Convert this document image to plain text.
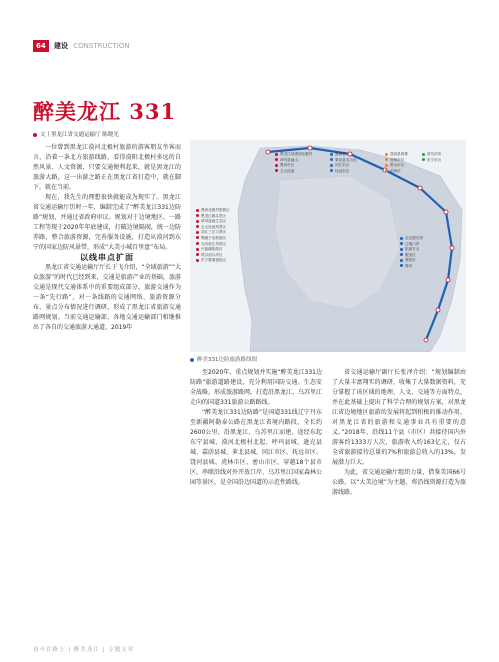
64 建设 CONSTRUCTION
醉美龙江 331
文丨黑龙江省交通运输厅 陈晓光
黑龙江省漠河北极村
呼玛县画山
黑河市区
五大连池
嘉荫县
萝北县名山岛
同江市区
抚远市区
饶河县四排
虎林市区
密山市区
鸡西市
绥芬河市
东宁市区
漠河北极村旅游区
黑龙江源头景区
呼玛湿地生态区
五大连池风景区
同江三江口景区
黑瞎子岛旅游区
乌苏里江风景区
兴凯湖旅游区
绥芬河口岸区
东宁要塞遗址区
沿边观光带
边境口岸
旅游节点
服务区
观景台
驿站
醉美331边防旅游路线图

一位曾到黑龙江漠河北极村旅游的游客朋友坐客而言，沿着一条北方旅游线路，看得漠阳北极村多远的自然风景、人文资源，只要交通便利起来，就是黑龙江的旅游大路，这一出游之路正在黑龙江省打造中，就在脚下，就在当前。

现在，我先生的理想很快就能成为现实了。黑龙江省交通运输厅历时一年，编制完成了“醉美龙江331边防路”规划，并通过省政府审议。规划对于边境地区、一路工程等现于2020年年底建成，打破边境隔阂，统一边防养路，整合旅游资源，完善服务设施，打造从漠河到东宁的国家边防风景带，形成“大美小城百里盘”布局。

以线串点扩面

黑龙江省交通运输厅厅长于飞介绍，“全域旅游”“大众旅游”的时代已经到来，交通是旅游产业的基础，旅游交通是现代交通体系中的重要组成部分，旅游交通作为一条“先行路”，对一条线路的交通网络、旅游资源分布、景点分布情况进行调研，形成了黑龙江省旅游交通路网规划。当前交通运输部，各地交通运输部门相继推出了各自的交通旅游大通道，2019年

至2020年，重点规划并实施“醉美龙江331边防路”旅游道路建设，充分利用国防交通、生态安全战略，形成旅游路网，打造沿黑龙江、乌苏里江走向的国道331旅游公路路线。

“醉美龙江331边防路”是国道331线辽宁丹东至新疆阿勒泰公路在黑龙江省境内路段，全长约2600公里，沿黑龙江、乌苏里江而建，途经东起东宁县城、漠河北极村北起、呼玛县城、逊克县城、嘉荫县城、萝北县城、同江市区、抚远市区、饶河县城、虎林市区、密山市区，穿越18个县市区，串联沿线对外开放口岸、乌苏里江国家森林公园等景区，是全国沿边国道的示范性路线。

省交通运输厅副厅长张泽介绍：“规划编制由了大量丰富翔实的调研，收集了大量数据资料，充分掌握了该区域的地理、人文、交通等方面特点，并在此基础上提出了科学合理的规划方案，对黑龙江省边境地区旅游的发展将起到积极的推动作用，对黑龙江省的旅游和交通事业具有重要的意义。”2018年，沿线11个县（市区）共接待国内外游客约1333万人次，旅游收入约163亿元，仅占全省旅游接待总量的7%和旅游总收入的13%，发展潜力巨大。

为此，省交通运输厅组织力量，借鉴美国66号公路，以“大美边境”为主题，将沿线资源打造为旅游线路。

奋斗在路上 | 醉美龙江 | 专题文章
